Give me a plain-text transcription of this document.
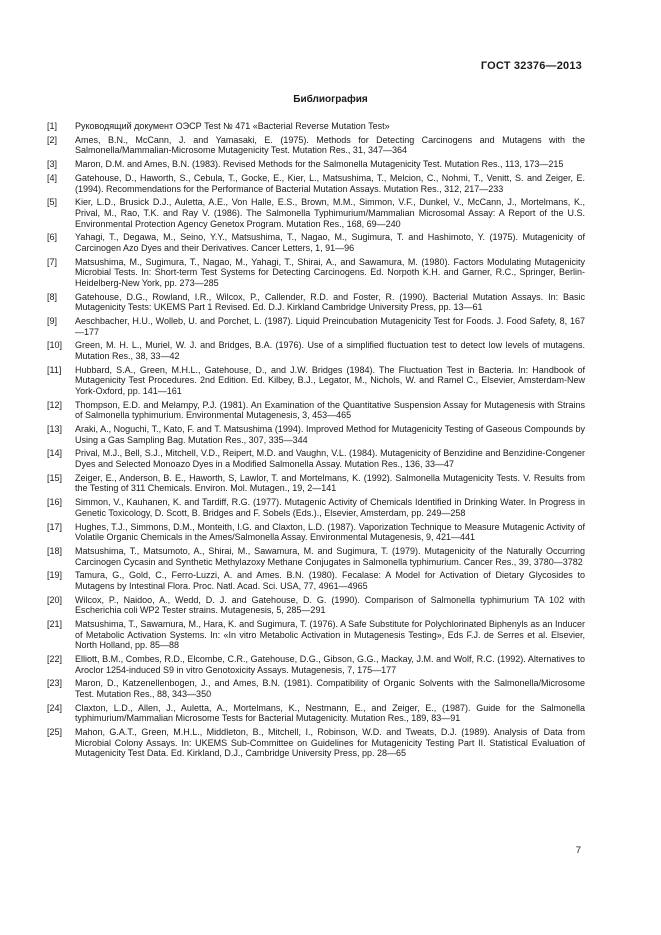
ГОСТ 32376—2013
Библиография
[1] Руководящий документ ОЭСР Test № 471 «Bacterial Reverse Mutation Test»
[2] Ames, B.N., McCann, J. and Yamasaki, E. (1975). Methods for Detecting Carcinogens and Mutagens with the Salmonella/Mammalian-Microsome Mutagenicity Test. Mutation Res., 31, 347—364
[3] Maron, D.M. and Ames, B.N. (1983). Revised Methods for the Salmonella Mutagenicity Test. Mutation Res., 113, 173—215
[4] Gatehouse, D., Haworth, S., Cebula, T., Gocke, E., Kier, L., Matsushima, T., Melcion, C., Nohmi, T., Venitt, S. and Zeiger, E. (1994). Recommendations for the Performance of Bacterial Mutation Assays. Mutation Res., 312, 217—233
[5] Kier, L.D., Brusick D.J., Auletta, A.E., Von Halle, E.S., Brown, M.M., Simmon, V.F., Dunkel, V., McCann, J., Mortelmans, K., Prival, M., Rao, T.K. and Ray V. (1986). The Salmonella Typhimurium/Mammalian Microsomal Assay: A Report of the U.S. Environmental Protection Agency Genetox Program. Mutation Res., 168, 69—240
[6] Yahagi, T., Degawa, M., Seino, Y.Y., Matsushima, T., Nagao, M., Sugimura, T. and Hashimoto, Y. (1975). Mutagenicity of Carcinogen Azo Dyes and their Derivatives. Cancer Letters, 1, 91—96
[7] Matsushima, M., Sugimura, T., Nagao, M., Yahagi, T., Shirai, A., and Sawamura, M. (1980). Factors Modulating Mutagenicity Microbial Tests. In: Short-term Test Systems for Detecting Carcinogens. Ed. Norpoth K.H. and Garner, R.C., Springer, Berlin-Heidelberg-New York, pp. 273—285
[8] Gatehouse, D.G., Rowland, I.R., Wilcox, P., Callender, R.D. and Foster, R. (1990). Bacterial Mutation Assays. In: Basic Mutagenicity Tests: UKEMS Part 1 Revised. Ed. D.J. Kirkland Cambridge University Press, pp. 13—61
[9] Aeschbacher, H.U., Wolleb, U. and Porchet, L. (1987). Liquid Preincubation Mutagenicity Test for Foods. J. Food Safety, 8, 167—177
[10] Green, M. H. L., Muriel, W. J. and Bridges, B.A. (1976). Use of a simplified fluctuation test to detect low levels of mutagens. Mutation Res., 38, 33—42
[11] Hubbard, S.A., Green, M.H.L., Gatehouse, D., and J.W. Bridges (1984). The Fluctuation Test in Bacteria. In: Handbook of Mutagenicity Test Procedures. 2nd Edition. Ed. Kilbey, B.J., Legator, M., Nichols, W. and Ramel C., Elsevier, Amsterdam-New York-Oxford, pp. 141—161
[12] Thompson, E.D. and Melampy, P.J. (1981). An Examination of the Quantitative Suspension Assay for Mutagenesis with Strains of Salmonella typhimurium. Environmental Mutagenesis, 3, 453—465
[13] Araki, A., Noguchi, T., Kato, F. and T. Matsushima (1994). Improved Method for Mutagenicity Testing of Gaseous Compounds by Using a Gas Sampling Bag. Mutation Res., 307, 335—344
[14] Prival, M.J., Bell, S.J., Mitchell, V.D., Reipert, M.D. and Vaughn, V.L. (1984). Mutagenicity of Benzidine and Benzidine-Congener Dyes and Selected Monoazo Dyes in a Modified Salmonella Assay. Mutation Res., 136, 33—47
[15] Zeiger, E., Anderson, B. E., Haworth, S, Lawlor, T. and Mortelmans, K. (1992). Salmonella Mutagenicity Tests. V. Results from the Testing of 311 Chemicals. Environ. Mol. Mutagen., 19, 2—141
[16] Simmon, V., Kauhanen, K. and Tardiff, R.G. (1977). Mutagenic Activity of Chemicals Identified in Drinking Water. In Progress in Genetic Toxicology, D. Scott, B. Bridges and F. Sobels (Eds.)., Elsevier, Amsterdam, pp. 249—258
[17] Hughes, T.J., Simmons, D.M., Monteith, I.G. and Claxton, L.D. (1987). Vaporization Technique to Measure Mutagenic Activity of Volatile Organic Chemicals in the Ames/Salmonella Assay. Environmental Mutagenesis, 9, 421—441
[18] Matsushima, T., Matsumoto, A., Shirai, M., Sawamura, M. and Sugimura, T. (1979). Mutagenicity of the Naturally Occurring Carcinogen Cycasin and Synthetic Methylazoxy Methane Conjugates in Salmonella typhimurium. Cancer Res., 39, 3780—3782
[19] Tamura, G., Gold, C., Ferro-Luzzi, A. and Ames. B.N. (1980). Fecalase: A Model for Activation of Dietary Glycosides to Mutagens by Intestinal Flora. Proc. Natl. Acad. Sci. USA, 77, 4961—4965
[20] Wilcox, P., Naidoo, A., Wedd, D. J. and Gatehouse, D. G. (1990). Comparison of Salmonella typhimurium TA 102 with Escherichia coli WP2 Tester strains. Mutagenesis, 5, 285—291
[21] Matsushima, T., Sawamura, M., Hara, K. and Sugimura, T. (1976). A Safe Substitute for Polychlorinated Biphenyls as an Inducer of Metabolic Activation Systems. In: «In vitro Metabolic Activation in Mutagenesis Testing», Eds F.J. de Serres et al. Elsevier, North Holland, pp. 85—88
[22] Elliott, B.M., Combes, R.D., Elcombe, C.R., Gatehouse, D.G., Gibson, G.G., Mackay, J.M. and Wolf, R.C. (1992). Alternatives to Aroclor 1254-induced S9 in vitro Genotoxicity Assays. Mutagenesis, 7, 175—177
[23] Maron, D., Katzenellenbogen, J., and Ames, B.N. (1981). Compatibility of Organic Solvents with the Salmonella/Microsome Test. Mutation Res., 88, 343—350
[24] Claxton, L.D., Allen, J., Auletta, A., Mortelmans, K., Nestmann, E., and Zeiger, E., (1987). Guide for the Salmonella typhimurium/Mammalian Microsome Tests for Bacterial Mutagenicity. Mutation Res., 189, 83—91
[25] Mahon, G.A.T., Green, M.H.L., Middleton, B., Mitchell, I., Robinson, W.D. and Tweats, D.J. (1989). Analysis of Data from Microbial Colony Assays. In: UKEMS Sub-Committee on Guidelines for Mutagenicity Testing Part II. Statistical Evaluation of Mutagenicity Test Data. Ed. Kirkland, D.J., Cambridge University Press, pp. 28—65
7
